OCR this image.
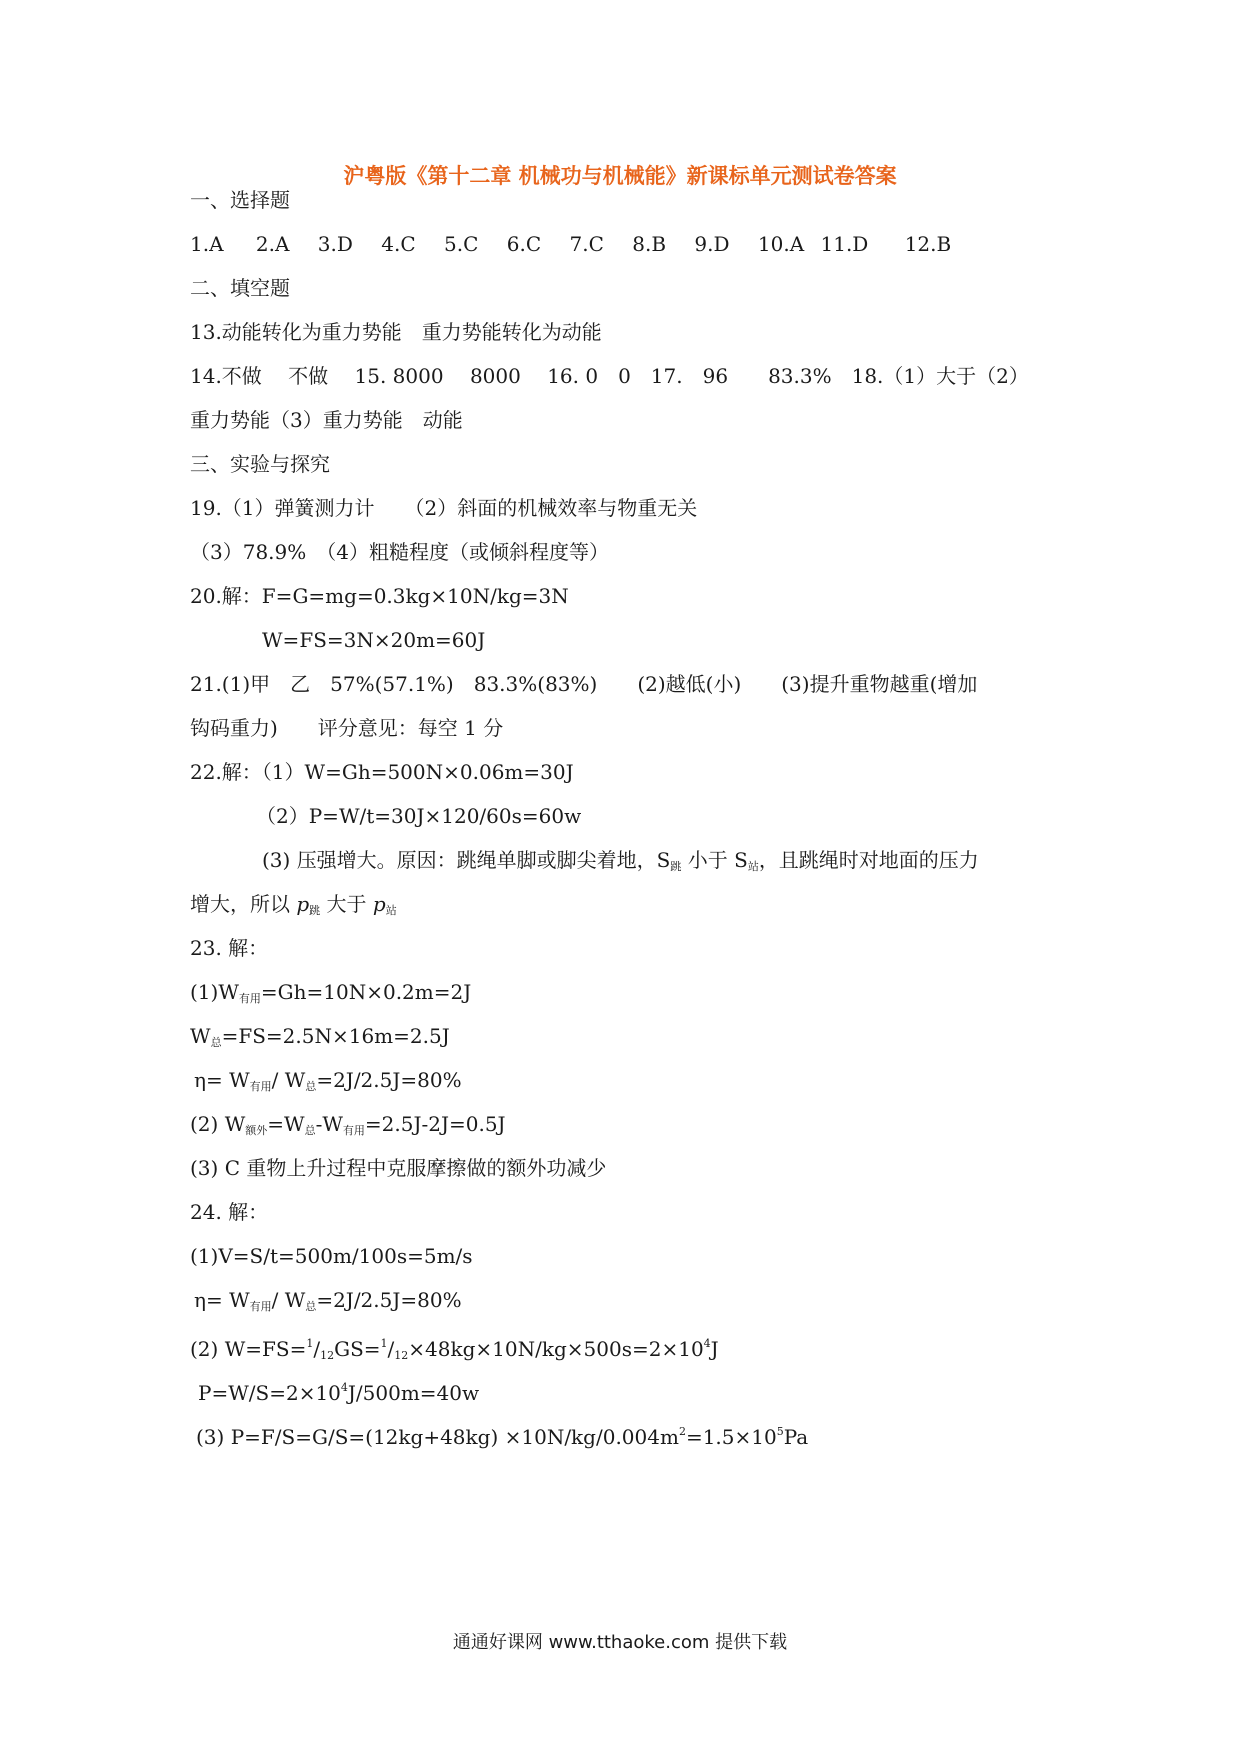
沪粤版《第十二章 机械功与机械能》新课标单元测试卷答案
一、选择题
1.A 2.A 3.D 4.C 5.C 6.C 7.C 8.B 9.D 10.A 11.D 12.B
二、填空题
13.动能转化为重力势能　重力势能转化为动能
14.不做　 不做　 15. 8000　 8000　 16. 0　0　17.　96　　83.3%　18.（1）大于（2）
重力势能（3）重力势能　动能
三、实验与探究
19.（1）弹簧测力计　　（2）斜面的机械效率与物重无关
（3）78.9%　（4）粗糙程度（或倾斜程度等）
20.解：F=G=mg=0.3kg×10N/kg=3N
W=FS=3N×20m=60J
21.(1)甲　乙　57%(57.1%)　83.3%(83%)　　(2)越低(小)　　(3)提升重物越重(增加
钩码重力)　　评分意见：每空 1 分
22.解：（1）W=Gh=500N×0.06m=30J
（2）P=W/t=30J×120/60s=60w
(3) 压强增大。原因：跳绳单脚或脚尖着地，$S_跳$ 小于 $S_站$，且跳绳时对地面的压力
增大，所以 $p_跳$ 大于 $p_站$
23. 解：
$(1)W_{有用}=Gh=10N\times 0.2m=2J$
$W_总=FS=2.5N\times 16m=2.5J$
$\eta= W_{有用}/$ $W_总=2J/2.5J=80\%$
(2) $W_{额外}=W_总-W_{有用}=2.5J-2J=0.5J$
(3) C 重物上升过程中克服摩擦做的额外功减少
24. 解：
(1)V=S/t=500m/100s=5m/s
$\eta= W_{有用}/$ $W_总=2J/2.5J=80\%$
(2) $W=FS=^1/_{12}GS=^1/_{12}\times 48kg\times 10N/kg\times 500s=2\times 10^4J$
$P=W/S=2\times 10^4J/500m=40w$
(3) $P=F/S=G/S=(12kg+48kg) \times 10N/kg/0.004m^2=1.5\times 10^5Pa$
通通好课网 www.tthaoke.com 提供下载
